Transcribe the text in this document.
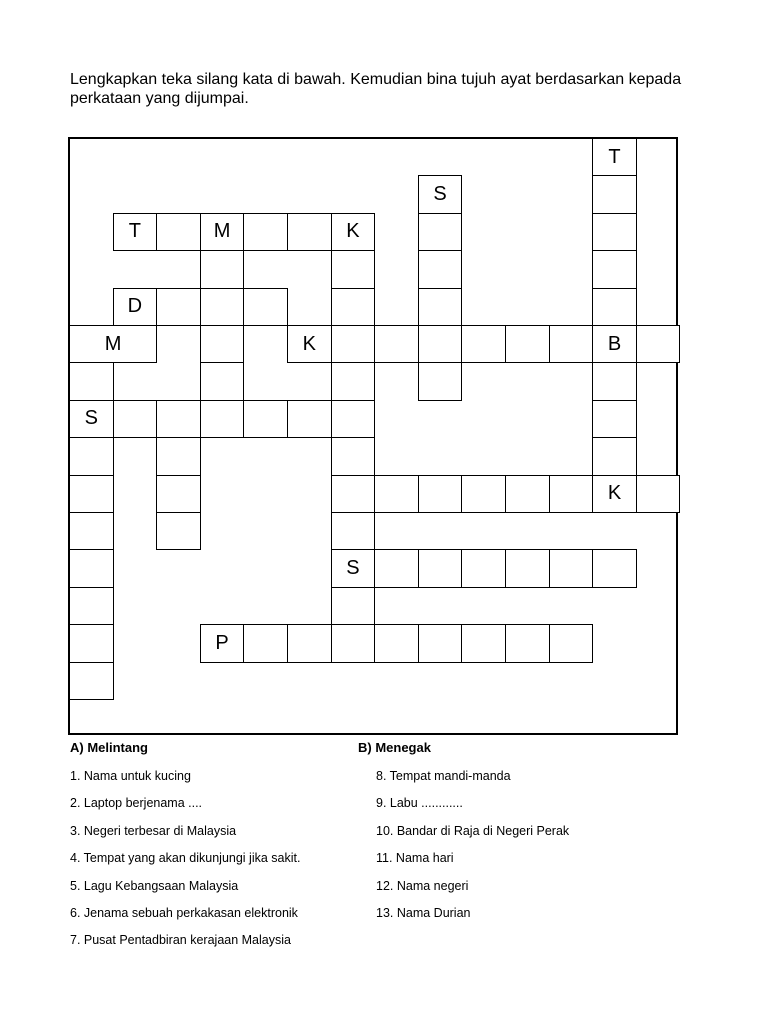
Lengkapkan teka silang kata di bawah. Kemudian bina tujuh ayat berdasarkan kepada perkataan yang dijumpai.

T
S
T	M	K
D
M	K	B
S
K
S
P
A) Melintang	B) Menegak
1. Nama untuk kucing
2. Laptop berjenama ....
3. Negeri terbesar di Malaysia
4. Tempat yang akan dikunjungi jika sakit.
5. Lagu Kebangsaan Malaysia
6. Jenama sebuah perkakasan elektronik
7. Pusat Pentadbiran kerajaan Malaysia
8. Tempat mandi-manda
9. Labu ............
10. Bandar di Raja di Negeri Perak
11. Nama hari
12. Nama negeri
13. Nama Durian
